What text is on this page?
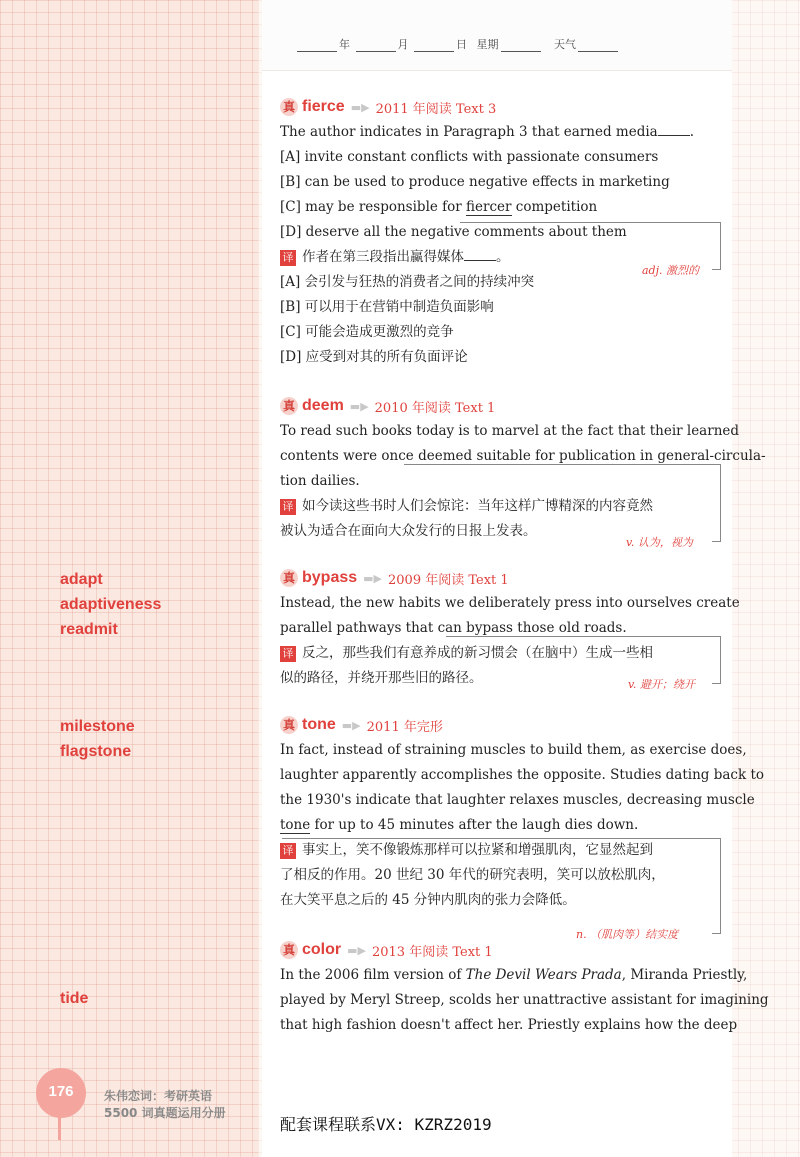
年	月	日 星期	天气
adapt
adaptiveness
readmit
milestone
flagstone
tide
真 fierce ▬▶ 2011 年阅读 Text 3
The author indicates in Paragraph 3 that earned media .
[A] invite constant conflicts with passionate consumers
[B] can be used to produce negative effects in marketing
[C] may be responsible for fiercer competition
[D] deserve all the negative comments about them
译 作者在第三段指出赢得媒体 。
[A] 会引发与狂热的消费者之间的持续冲突
[B] 可以用于在营销中制造负面影响
[C] 可能会造成更激烈的竞争
[D] 应受到对其的所有负面评论
adj. 激烈的
真 deem ▬▶ 2010 年阅读 Text 1
To read such books today is to marvel at the fact that their learned
contents were once deemed suitable for publication in general-circula-
tion dailies.
译 如今读这些书时人们会惊诧：当年这样广博精深的内容竟然
被认为适合在面向大众发行的日报上发表。
v. 认为，视为
真 bypass ▬▶ 2009 年阅读 Text 1
Instead, the new habits we deliberately press into ourselves create
parallel pathways that can bypass those old roads.
译 反之，那些我们有意养成的新习惯会（在脑中）生成一些相
似的路径，并绕开那些旧的路径。	v. 避开；绕开
真 tone ▬▶ 2011 年完形
In fact, instead of straining muscles to build them, as exercise does,
laughter apparently accomplishes the opposite. Studies dating back to
the 1930's indicate that laughter relaxes muscles, decreasing muscle
tone for up to 45 minutes after the laugh dies down.
译 事实上，笑不像锻炼那样可以拉紧和增强肌肉，它显然起到
了相反的作用。20 世纪 30 年代的研究表明，笑可以放松肌肉，
在大笑平息之后的 45 分钟内肌肉的张力会降低。
n. （肌肉等）结实度
真 color ▬▶ 2013 年阅读 Text 1
In the 2006 film version of The Devil Wears Prada, Miranda Priestly,
played by Meryl Streep, scolds her unattractive assistant for imagining
that high fashion doesn't affect her. Priestly explains how the deep
176	朱伟恋词：考研英语
5500 词真题运用分册
配套课程联系VX: KZRZ2019
